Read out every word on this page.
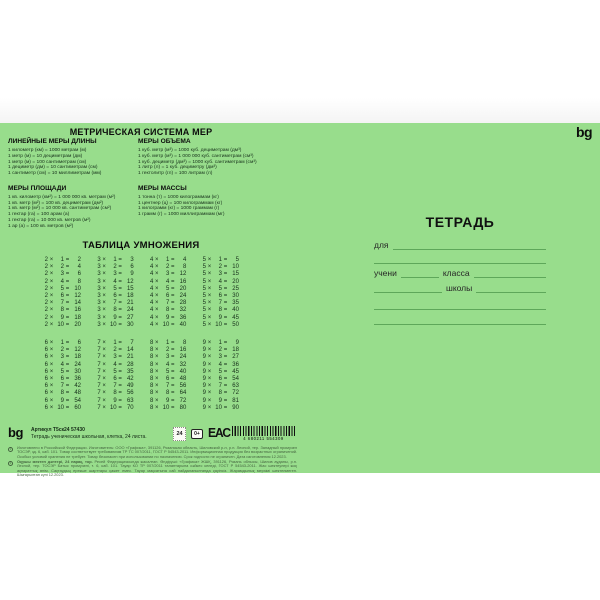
МЕТРИЧЕСКАЯ СИСТЕМА МЕР
ЛИНЕЙНЫЕ МЕРЫ ДЛИНЫ
1 километр (км) = 1000 метрам (м)
1 метр (м) = 10 дециметрам (дм)
1 метр (м) = 100 сантиметрам (см)
1 дециметр (дм) = 10 сантиметрам (см)
1 сантиметр (см) = 10 миллиметрам (мм)
МЕРЫ ПЛОЩАДИ
1 кв. километр (км²) = 1 000 000 кв. метрам (м²)
1 кв. метр (м²) = 100 кв. дециметрам (дм²)
1 кв. метр (м²) = 10 000 кв. сантиметрам (см²)
1 гектар (га) = 100 арам (а)
1 гектар (га) = 10 000 кв. метров (м²)
1 ар (а) = 100 кв. метров (м²)
МЕРЫ ОБЪЕМА
1 куб. метр (м³) = 1000 куб. дециметрам (дм³)
1 куб. метр (м³) = 1 000 000 куб. сантиметрам (см³)
1 куб. дециметр (дм³) = 1000 куб. сантиметрам (см³)
1 литр (л) = 1 куб. дециметру (дм³)
1 гектолитр (гл) = 100 литрам (л)
МЕРЫ МАССЫ
1 тонна (т) = 1000 килограммам (кг)
1 центнер (ц) = 100 килограммам (кг)
1 килограмм (кг) = 1000 граммам (г)
1 грамм (г) = 1000 миллиграммам (мг)
ТАБЛИЦА УМНОЖЕНИЯ
2 ×	1 =	2
2 ×	2 =	4
2 ×	3 =	6
2 ×	4 =	8
2 ×	5 = 10
2 ×	6 = 12
2 ×	7 = 14
2 ×	8 = 16
2 ×	9 = 18
2 × 10 = 20
3 ×	1 =	3
3 ×	2 =	6
3 ×	3 =	9
3 ×	4 = 12
3 ×	5 = 15
3 ×	6 = 18
3 ×	7 = 21
3 ×	8 = 24
3 ×	9 = 27
3 × 10 = 30
4 ×	1 =	4
4 ×	2 =	8
4 ×	3 = 12
4 ×	4 = 16
4 ×	5 = 20
4 ×	6 = 24
4 ×	7 = 28
4 ×	8 = 32
4 ×	9 = 36
4 × 10 = 40
5 ×	1 =	5
5 ×	2 = 10
5 ×	3 = 15
5 ×	4 = 20
5 ×	5 = 25
5 ×	6 = 30
5 ×	7 = 35
5 ×	8 = 40
5 ×	9 = 45
5 × 10 = 50
6 ×	1 =	6
6 ×	2 = 12
6 ×	3 = 18
6 ×	4 = 24
6 ×	5 = 30
6 ×	6 = 36
6 ×	7 = 42
6 ×	8 = 48
6 ×	9 = 54
6 × 10 = 60
7 ×	1 =	7
7 ×	2 = 14
7 ×	3 = 21
7 ×	4 = 28
7 ×	5 = 35
7 ×	6 = 42
7 ×	7 = 49
7 ×	8 = 56
7 ×	9 = 63
7 × 10 = 70
8 ×	1 =	8
8 ×	2 = 16
8 ×	3 = 24
8 ×	4 = 32
8 ×	5 = 40
8 ×	6 = 48
8 ×	7 = 56
8 ×	8 = 64
8 ×	9 = 72
8 × 10 = 80
9 ×	1 =	9
9 ×	2 = 18
9 ×	3 = 27
9 ×	4 = 36
9 ×	5 = 45
9 ×	6 = 54
9 ×	7 = 63
9 ×	8 = 72
9 ×	9 = 81
9 × 10 = 90
bg
ТЕТРАДЬ
для
учени	класса
школы
bg Артикул Т5ск24 57430
Тетрадь ученическая школьная, клетка, 24 листа.	24	0+ ЕАС	4 680211 554309
1	Изготовлено в Российской Федерации. Изготовитель: ООО «Графика», 391126, Рязанская область, Шиловский р-н, р.п. Лесной, тер. Западный промузел ТОСЭР, зд. 6, каб. 101. Товар соответствует требованиям ТР ТС 007/2011, ГОСТ Р 54543-2011. Информационная продукция без возрастных ограничений. Особых условий хранения не требует. Товар безопасен при использовании по назначению. Срок годности не ограничен. Дата изготовления 12.2023.
2	Оқушы мектеп дәптері, 24 парақ, тор. Ресей Федерациясында жасалған. Өндіруші: «Графика» ЖШҚ, 391126, Рязань облысы, Шилов ауданы, р.п. Лесной, тер. ТОСЭР Батыс промузелі, ғ. 6, каб. 101. Тауар КО ТР 007/2011 талаптарына сәйкес келеді, ГОСТ Р 54543-2011. Жас шектеулері жоқ ақпараттық өнім. Сақтаудың ерекше шарттары қажет емес. Тауар мақсатына сай пайдаланылғанда қауіпсіз. Жарамдылық мерзімі шектелмеген. Шығарылған күні 12.2023.
